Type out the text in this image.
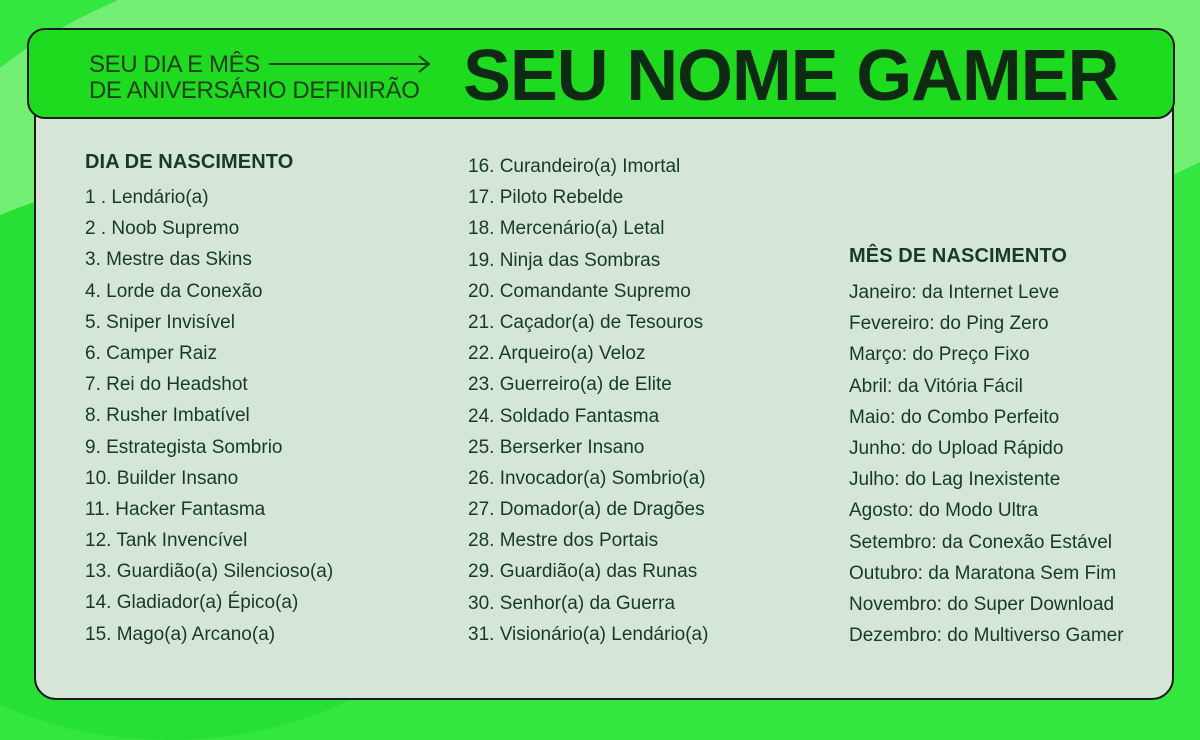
SEU DIA E MÊS
DE ANIVERSÁRIO DEFINIRÃO SEU NOME GAMER
DIA DE NASCIMENTO
1 . Lendário(a)
2 . Noob Supremo
3. Mestre das Skins
4. Lorde da Conexão
5. Sniper Invisível
6. Camper Raiz
7. Rei do Headshot
8. Rusher Imbatível
9. Estrategista Sombrio
10. Builder Insano
11. Hacker Fantasma
12. Tank Invencível
13. Guardião(a) Silencioso(a)
14. Gladiador(a) Épico(a)
15. Mago(a) Arcano(a)
16. Curandeiro(a) Imortal
17. Piloto Rebelde
18. Mercenário(a) Letal
19. Ninja das Sombras
20. Comandante Supremo
21. Caçador(a) de Tesouros
22. Arqueiro(a) Veloz
23. Guerreiro(a) de Elite
24. Soldado Fantasma
25. Berserker Insano
26. Invocador(a) Sombrio(a)
27. Domador(a) de Dragões
28. Mestre dos Portais
29. Guardião(a) das Runas
30. Senhor(a) da Guerra
31. Visionário(a) Lendário(a)
MÊS DE NASCIMENTO
Janeiro: da Internet Leve
Fevereiro: do Ping Zero
Março: do Preço Fixo
Abril: da Vitória Fácil
Maio: do Combo Perfeito
Junho: do Upload Rápido
Julho: do Lag Inexistente
Agosto: do Modo Ultra
Setembro: da Conexão Estável
Outubro: da Maratona Sem Fim
Novembro: do Super Download
Dezembro: do Multiverso Gamer
